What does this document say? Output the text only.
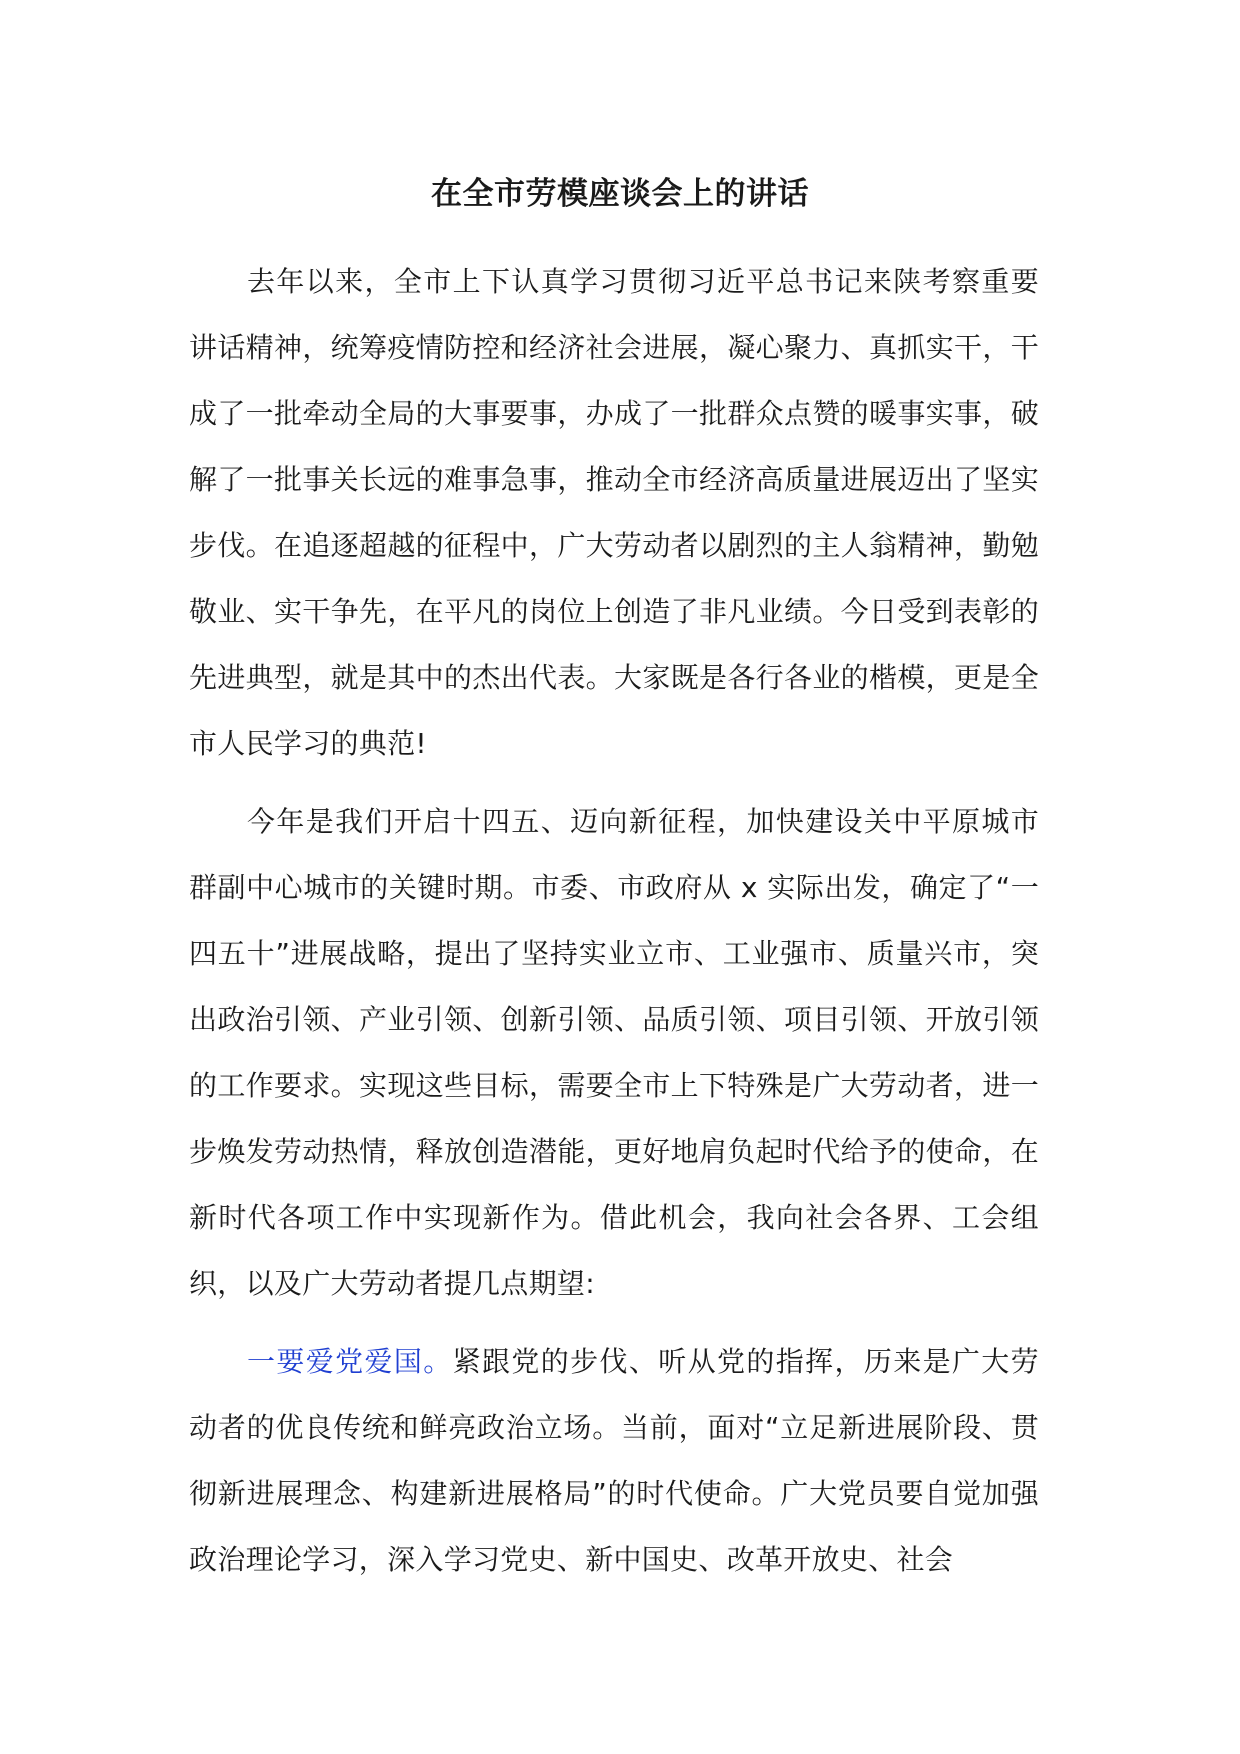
在全市劳模座谈会上的讲话

去年以来，全市上下认真学习贯彻习近平总书记来陕考察重要讲话精神，统筹疫情防控和经济社会进展，凝心聚力、真抓实干，干成了一批牵动全局的大事要事，办成了一批群众点赞的暖事实事，破解了一批事关长远的难事急事，推动全市经济高质量进展迈出了坚实步伐。在追逐超越的征程中，广大劳动者以剧烈的主人翁精神，勤勉敬业、实干争先，在平凡的岗位上创造了非凡业绩。今日受到表彰的先进典型，就是其中的杰出代表。大家既是各行各业的楷模，更是全市人民学习的典范!

今年是我们开启十四五、迈向新征程，加快建设关中平原城市群副中心城市的关键时期。市委、市政府从 x 实际出发，确定了“一四五十”进展战略，提出了坚持实业立市、工业强市、质量兴市，突出政治引领、产业引领、创新引领、品质引领、项目引领、开放引领的工作要求。实现这些目标，需要全市上下特殊是广大劳动者，进一步焕发劳动热情，释放创造潜能，更好地肩负起时代给予的使命，在新时代各项工作中实现新作为。借此机会，我向社会各界、工会组织，以及广大劳动者提几点期望:

一要爱党爱国。紧跟党的步伐、听从党的指挥，历来是广大劳动者的优良传统和鲜亮政治立场。当前，面对“立足新进展阶段、贯彻新进展理念、构建新进展格局”的时代使命。广大党员要自觉加强政治理论学习，深入学习党史、新中国史、改革开放史、社会
